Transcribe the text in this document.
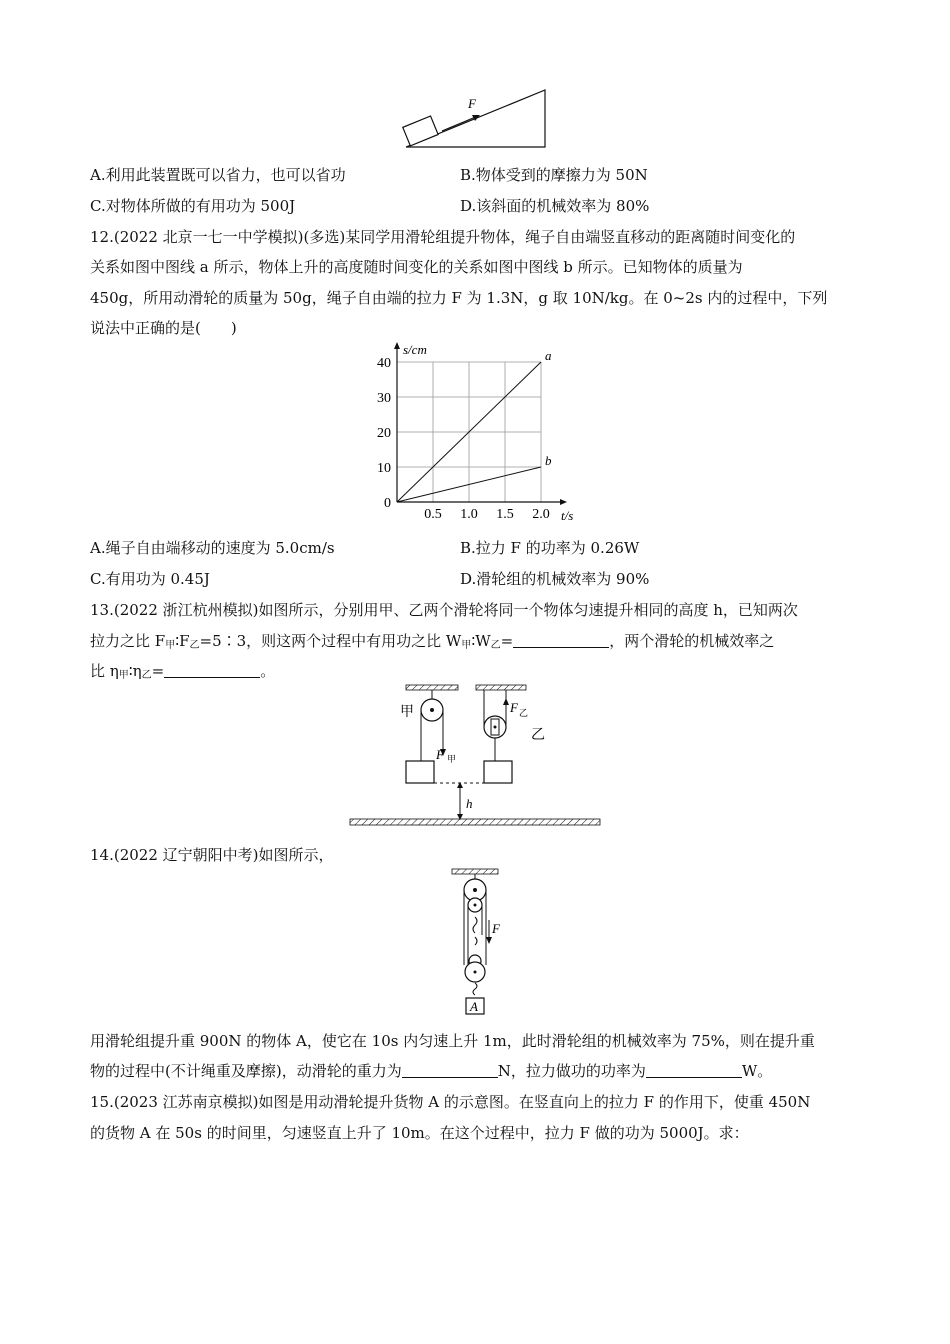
F
A.利用此装置既可以省力，也可以省功	B.物体受到的摩擦力为 50N
C.对物体所做的有用功为 500J	D.该斜面的机械效率为 80%
12.(2022 北京一七一中学模拟)(多选)某同学用滑轮组提升物体，绳子自由端竖直移动的距离随时间变化的
关系如图中图线 a 所示，物体上升的高度随时间变化的关系如图中图线 b 所示。已知物体的质量为
450g，所用动滑轮的质量为 50g，绳子自由端的拉力 F 为 1.3N，g 取 10N/kg。在 0~2s 内的过程中，下列
说法中正确的是(　　)
0.5 1.0 1.5 2.0
0
10
20
30
40
a
b
s/cm
t/s
A.绳子自由端移动的速度为 5.0cm/s	B.拉力 F 的功率为 0.26W
C.有用功为 0.45J	D.滑轮组的机械效率为 90%
13.(2022 浙江杭州模拟)如图所示，分别用甲、乙两个滑轮将同一个物体匀速提升相同的高度 h，已知两次
拉力之比 $F_甲∶F_乙=5∶3$，则这两个过程中有用功之比 $W_甲∶W_乙=$	，两个滑轮的机械效率之
比 $\eta_甲∶\eta_乙=$	。
甲
F 甲
F 乙
乙
h
14.(2022 辽宁朝阳中考)如图所示，
F
A
用滑轮组提升重 900N 的物体 A，使它在 10s 内匀速上升 1m，此时滑轮组的机械效率为 75%，则在提升重
物的过程中(不计绳重及摩擦)，动滑轮的重力为	N，拉力做功的功率为	W。
15.(2023 江苏南京模拟)如图是用动滑轮提升货物 A 的示意图。在竖直向上的拉力 F 的作用下，使重 450N
的货物 A 在 50s 的时间里，匀速竖直上升了 10m。在这个过程中，拉力 F 做的功为 5000J。求：
